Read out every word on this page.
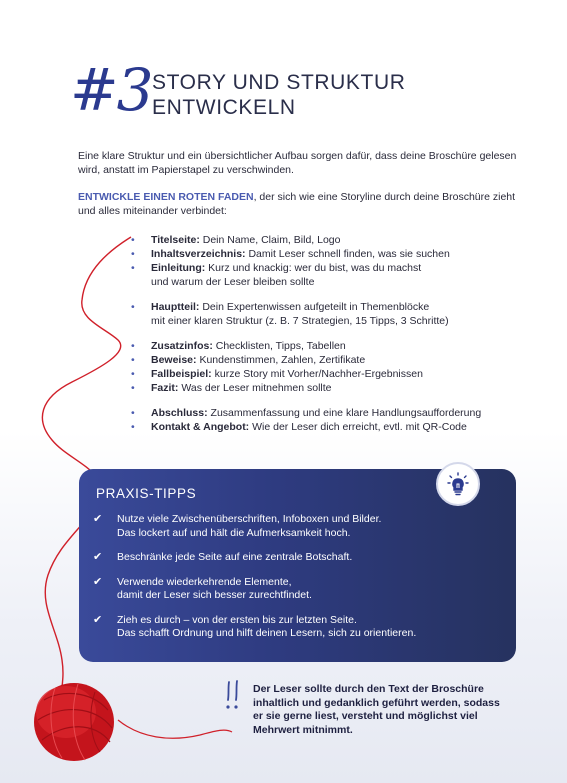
#3 STORY UND STRUKTUR
ENTWICKELN

Eine klare Struktur und ein übersichtlicher Aufbau sorgen dafür, dass deine Broschüre gelesen wird, anstatt im Papierstapel zu verschwinden.

ENTWICKLE EINEN ROTEN FADEN, der sich wie eine Storyline durch deine Broschüre zieht und alles miteinander verbindet:

• Titelseite: Dein Name, Claim, Bild, Logo
• Inhaltsverzeichnis: Damit Leser schnell finden, was sie suchen
• Einleitung: Kurz und knackig: wer du bist, was du machst
und warum der Leser bleiben sollte
• Hauptteil: Dein Expertenwissen aufgeteilt in Themenblöcke
mit einer klaren Struktur (z. B. 7 Strategien, 15 Tipps, 3 Schritte)
• Zusatzinfos: Checklisten, Tipps, Tabellen
• Beweise: Kundenstimmen, Zahlen, Zertifikate
• Fallbeispiel: kurze Story mit Vorher/Nachher-Ergebnissen
• Fazit: Was der Leser mitnehmen sollte
• Abschluss: Zusammenfassung und eine klare Handlungsaufforderung
• Kontakt & Angebot: Wie der Leser dich erreicht, evtl. mit QR-Code
PRAXIS-TIPPS
✔ Nutze viele Zwischenüberschriften, Infoboxen und Bilder.
Das lockert auf und hält die Aufmerksamkeit hoch.
✔ Beschränke jede Seite auf eine zentrale Botschaft.
✔ Verwende wiederkehrende Elemente,
damit der Leser sich besser zurechtfindet.
✔ Zieh es durch – von der ersten bis zur letzten Seite.
Das schafft Ordnung und hilft deinen Lesern, sich zu orientieren.
Der Leser sollte durch den Text der Broschüre
inhaltlich und gedanklich geführt werden, sodass
er sie gerne liest, versteht und möglichst viel
Mehrwert mitnimmt.
